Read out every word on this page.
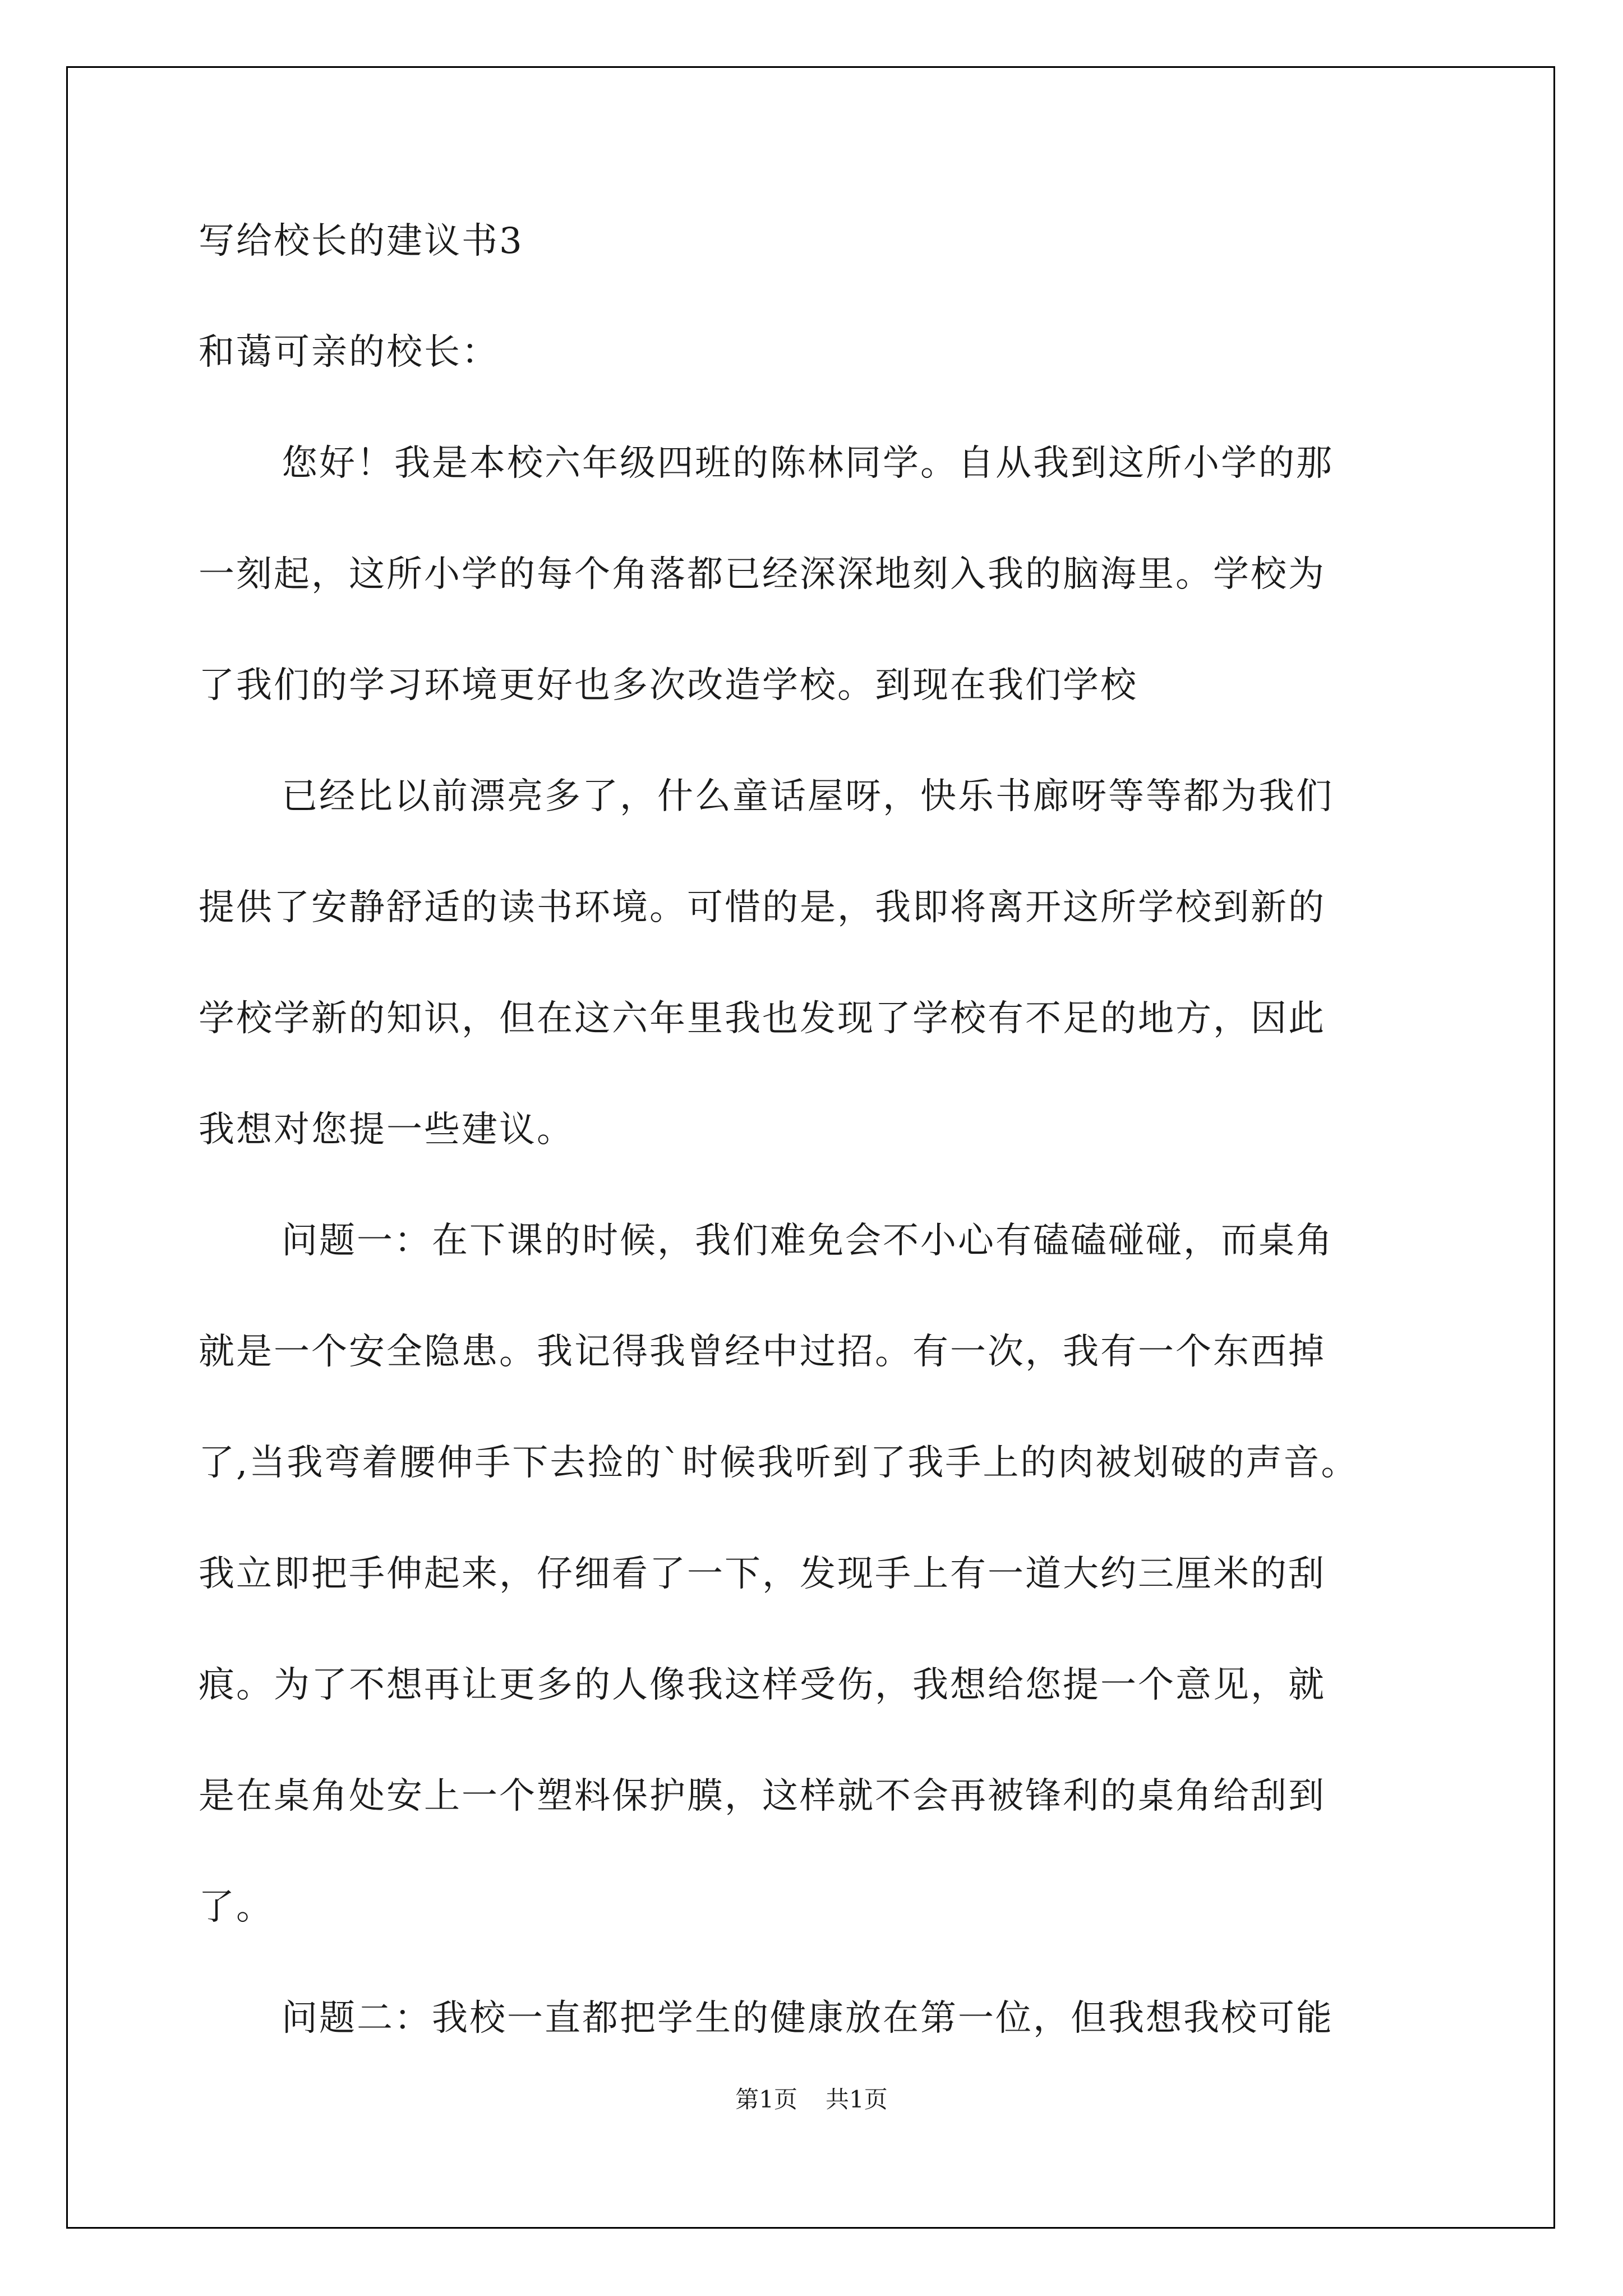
写给校长的建议书3

和蔼可亲的校长：

您好！我是本校六年级四班的陈林同学。自从我到这所小学的那

一刻起，这所小学的每个角落都已经深深地刻入我的脑海里。学校为

了我们的学习环境更好也多次改造学校。到现在我们学校

已经比以前漂亮多了，什么童话屋呀，快乐书廊呀等等都为我们

提供了安静舒适的读书环境。可惜的是，我即将离开这所学校到新的

学校学新的知识，但在这六年里我也发现了学校有不足的地方，因此

我想对您提一些建议。

问题一：在下课的时候，我们难免会不小心有磕磕碰碰，而桌角

就是一个安全隐患。我记得我曾经中过招。有一次，我有一个东西掉

了,当我弯着腰伸手下去捡的`时候我听到了我手上的肉被划破的声音。

我立即把手伸起来，仔细看了一下，发现手上有一道大约三厘米的刮

痕。为了不想再让更多的人像我这样受伤，我想给您提一个意见，就

是在桌角处安上一个塑料保护膜，这样就不会再被锋利的桌角给刮到

了。

问题二：我校一直都把学生的健康放在第一位，但我想我校可能

第1页 共1页
